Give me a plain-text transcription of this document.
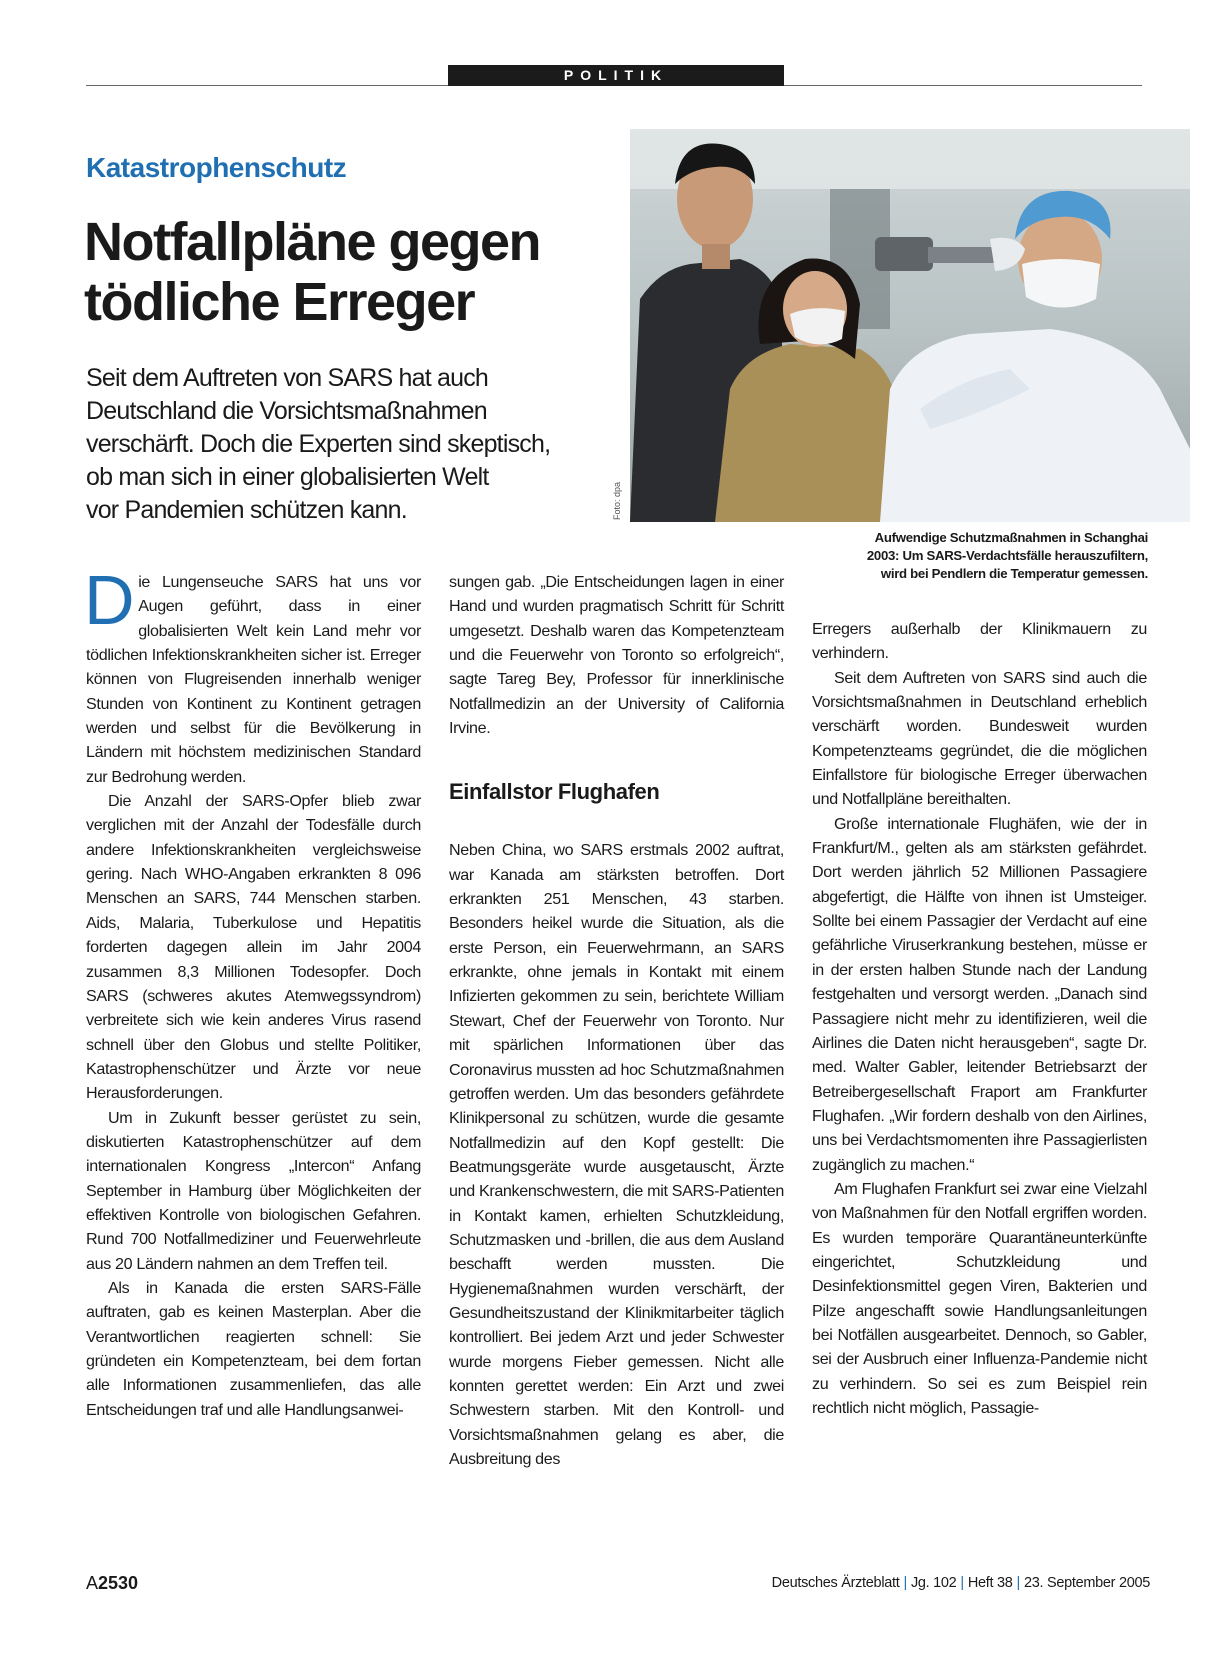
POLITIK
Katastrophenschutz
Notfallpläne gegen
tödliche Erreger
Seit dem Auftreten von SARS hat auch
Deutschland die Vorsichtsmaßnahmen
verschärft. Doch die Experten sind skeptisch,
ob man sich in einer globalisierten Welt
vor Pandemien schützen kann.	Foto: dpa
Aufwendige Schutzmaßnahmen in Schanghai
2003: Um SARS-Verdachtsfälle herauszufiltern,
wird bei Pendlern die Temperatur gemessen.

Die Lungenseuche SARS hat uns vor Augen geführt, dass in einer globalisierten Welt kein Land mehr vor tödlichen Infektionskrankheiten sicher ist. Erreger können von Flugreisenden innerhalb weniger Stunden von Kontinent zu Kontinent getragen werden und selbst für die Bevölkerung in Ländern mit höchstem medizinischen Standard zur Bedrohung werden.

Die Anzahl der SARS-Opfer blieb zwar verglichen mit der Anzahl der Todesfälle durch andere Infektionskrankheiten vergleichsweise gering. Nach WHO-Angaben erkrankten 8 096 Menschen an SARS, 744 Menschen starben. Aids, Malaria, Tuberkulose und Hepatitis forderten dagegen allein im Jahr 2004 zusammen 8,3 Millionen Todesopfer. Doch SARS (schweres akutes Atemwegssyndrom) verbreitete sich wie kein anderes Virus rasend schnell über den Globus und stellte Politiker, Katastrophenschützer und Ärzte vor neue Herausforderungen.

Um in Zukunft besser gerüstet zu sein, diskutierten Katastrophenschützer auf dem internationalen Kongress „Intercon“ Anfang September in Hamburg über Möglichkeiten der effektiven Kontrolle von biologischen Gefahren. Rund 700 Notfallmediziner und Feuerwehrleute aus 20 Ländern nahmen an dem Treffen teil.

Als in Kanada die ersten SARS-Fälle auftraten, gab es keinen Masterplan. Aber die Verantwortlichen reagierten schnell: Sie gründeten ein Kompetenzteam, bei dem fortan alle Informationen zusammenliefen, das alle Entscheidungen traf und alle Handlungsanwei-

sungen gab. „Die Entscheidungen lagen in einer Hand und wurden pragmatisch Schritt für Schritt umgesetzt. Deshalb waren das Kompetenzteam und die Feuerwehr von Toronto so erfolgreich“, sagte Tareg Bey, Professor für innerklinische Notfallmedizin an der University of California Irvine.

Einfallstor Flughafen

Neben China, wo SARS erstmals 2002 auftrat, war Kanada am stärksten betroffen. Dort erkrankten 251 Menschen, 43 starben. Besonders heikel wurde die Situation, als die erste Person, ein Feuerwehrmann, an SARS erkrankte, ohne jemals in Kontakt mit einem Infizierten gekommen zu sein, berichtete William Stewart, Chef der Feuerwehr von Toronto. Nur mit spärlichen Informationen über das Coronavirus mussten ad hoc Schutzmaßnahmen getroffen werden. Um das besonders gefährdete Klinikpersonal zu schützen, wurde die gesamte Notfallmedizin auf den Kopf gestellt: Die Beatmungsgeräte wurde ausgetauscht, Ärzte und Krankenschwestern, die mit SARS-Patienten in Kontakt kamen, erhielten Schutzkleidung, Schutzmasken und -brillen, die aus dem Ausland beschafft werden mussten. Die Hygienemaßnahmen wurden verschärft, der Gesundheitszustand der Klinikmitarbeiter täglich kontrolliert. Bei jedem Arzt und jeder Schwester wurde morgens Fieber gemessen. Nicht alle konnten gerettet werden: Ein Arzt und zwei Schwestern starben. Mit den Kontroll- und Vorsichtsmaßnahmen gelang es aber, die Ausbreitung des

Erregers außerhalb der Klinikmauern zu verhindern.

Seit dem Auftreten von SARS sind auch die Vorsichtsmaßnahmen in Deutschland erheblich verschärft worden. Bundesweit wurden Kompetenzteams gegründet, die die möglichen Einfallstore für biologische Erreger überwachen und Notfallpläne bereithalten.

Große internationale Flughäfen, wie der in Frankfurt/M., gelten als am stärksten gefährdet. Dort werden jährlich 52 Millionen Passagiere abgefertigt, die Hälfte von ihnen ist Umsteiger. Sollte bei einem Passagier der Verdacht auf eine gefährliche Viruserkrankung bestehen, müsse er in der ersten halben Stunde nach der Landung festgehalten und versorgt werden. „Danach sind Passagiere nicht mehr zu identifizieren, weil die Airlines die Daten nicht herausgeben“, sagte Dr. med. Walter Gabler, leitender Betriebsarzt der Betreibergesellschaft Fraport am Frankfurter Flughafen. „Wir fordern deshalb von den Airlines, uns bei Verdachtsmomenten ihre Passagierlisten zugänglich zu machen.“

Am Flughafen Frankfurt sei zwar eine Vielzahl von Maßnahmen für den Notfall ergriffen worden. Es wurden temporäre Quarantäneunterkünfte eingerichtet, Schutzkleidung und Desinfektionsmittel gegen Viren, Bakterien und Pilze angeschafft sowie Handlungsanleitungen bei Notfällen ausgearbeitet. Dennoch, so Gabler, sei der Ausbruch einer Influenza-Pandemie nicht zu verhindern. So sei es zum Beispiel rein rechtlich nicht möglich, Passagie-

A2530	Deutsches Ärzteblatt | Jg. 102 | Heft 38 | 23. September 2005
